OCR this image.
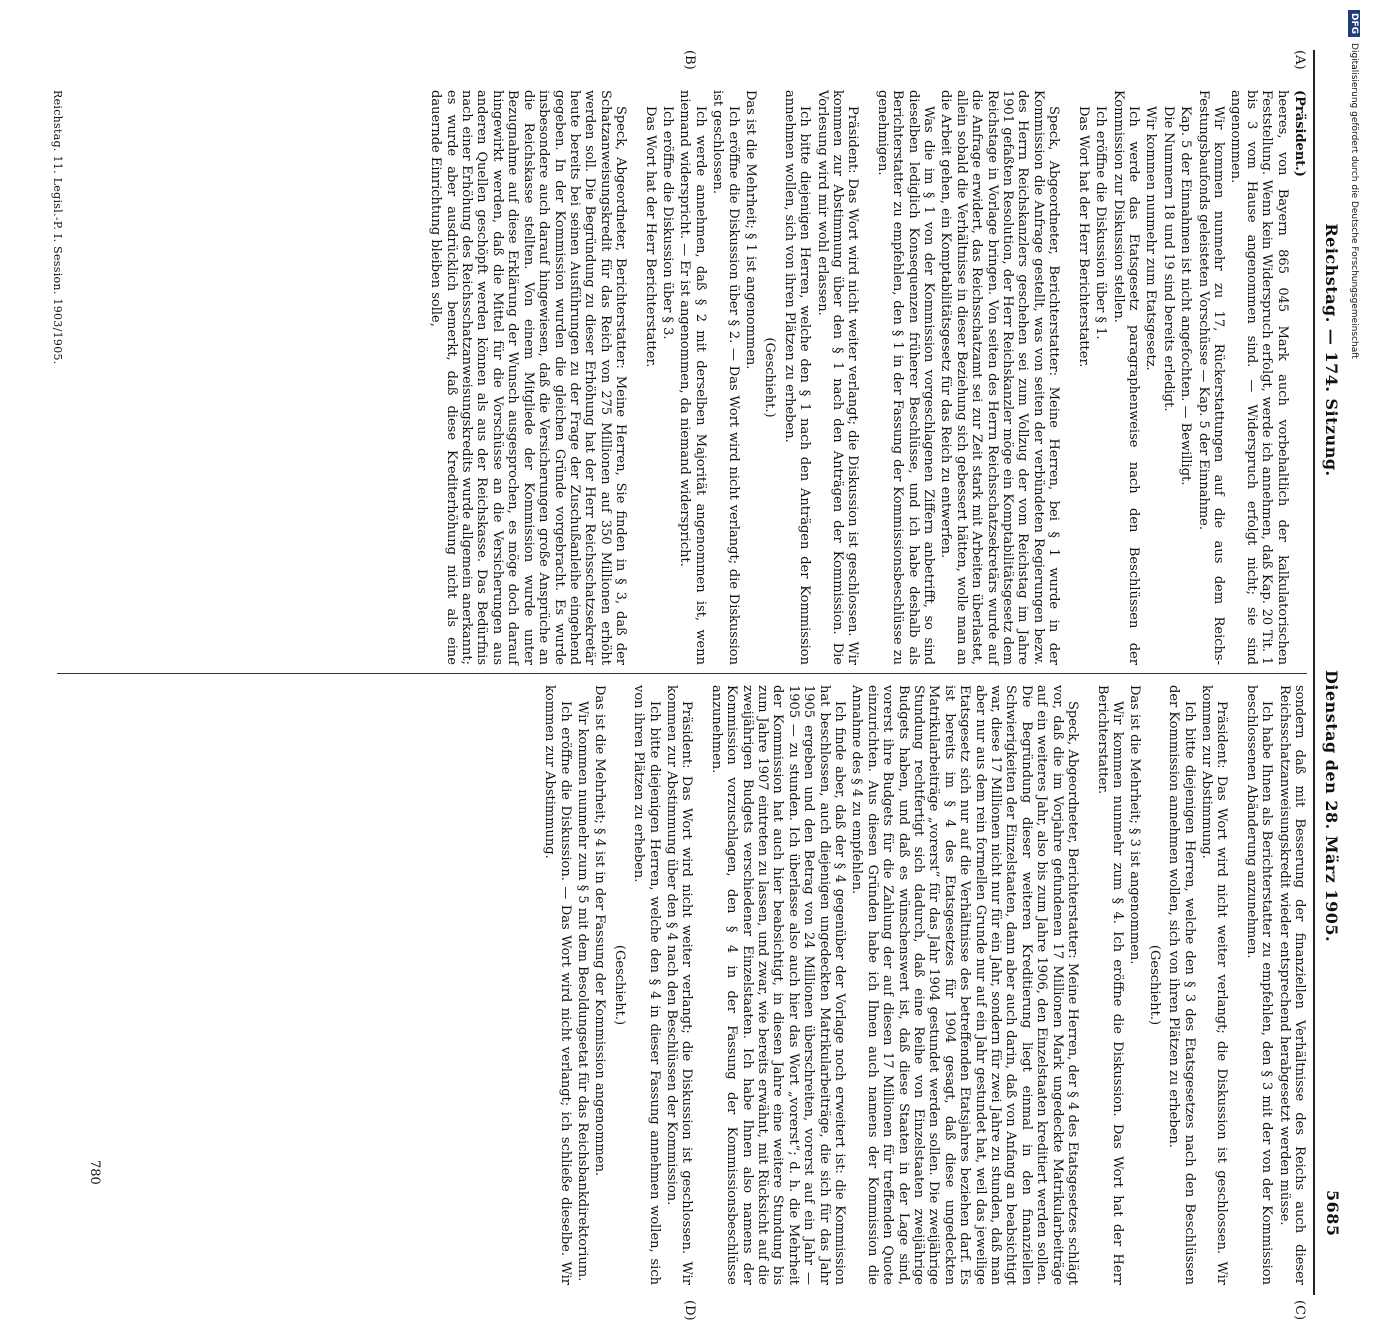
Reichstag. — 174. Sitzung.
Dienstag den 28. März 1905.
5685
(A)
(B)
(C)
(D)

(Präsident.)

heeres, von Bayern 865 045 Mark auch vorbehaltlich der kalkulatorischen Feststellung. Wenn kein Widerspruch erfolgt, werde ich annehmen, daß Kap. 20 Tit. 1 bis 3 vom Hause angenommen sind. — Widerspruch erfolgt nicht; sie sind angenommen.

Wir kommen nunmehr zu 17, Rückerstattungen auf die aus dem Reichs-Festungsbaufonds geleisteten Vorschüsse — Kap. 5 der Einnahme.

Kap. 5 der Einnahmen ist nicht angefochten. — Bewilligt.

Die Nummern 18 und 19 sind bereits erledigt.

Wir kommen nunmehr zum Etatsgesetz.

Ich werde das Etatsgesetz paragraphenweise nach den Beschlüssen der Kommission zur Diskussion stellen.

Ich eröffne die Diskussion über § 1.

Das Wort hat der Herr Berichterstatter.

Speck, Abgeordneter, Berichterstatter: Meine Herren, bei § 1 wurde in der Kommission die Anfrage gestellt, was von seiten der verbündeten Regierungen bezw. des Herrn Reichskanzlers geschehen sei zum Vollzug der vom Reichstag im Jahre 1901 gefaßten Resolution, der Herr Reichskanzler möge ein Komptabilitätsgesetz dem Reichstage in Vorlage bringen. Von seiten des Herrn Reichsschatzsekretärs wurde auf die Anfrage erwidert, das Reichsschatzamt sei zur Zeit stark mit Arbeiten überlastet, allein sobald die Verhältnisse in dieser Beziehung sich gebessert hätten, wolle man an die Arbeit gehen, ein Komptabilitätsgesetz für das Reich zu entwerfen.

Was die im § 1 von der Kommission vorgeschlagenen Ziffern anbetrifft, so sind dieselben lediglich Konsequenzen früherer Beschlüsse, und ich habe deshalb als Berichterstatter zu empfehlen, den § 1 in der Fassung der Kommissionsbeschlüsse zu genehmigen.

Präsident: Das Wort wird nicht weiter verlangt; die Diskussion ist geschlossen. Wir kommen zur Abstimmung über den § 1 nach den Anträgen der Kommission. Die Vorlesung wird mir wohl erlassen.

Ich bitte diejenigen Herren, welche den § 1 nach den Anträgen der Kommission annehmen wollen, sich von ihren Plätzen zu erheben.

(Geschieht.)

Das ist die Mehrheit; § 1 ist angenommen.

Ich eröffne die Diskussion über § 2. — Das Wort wird nicht verlangt; die Diskussion ist geschlossen.

Ich werde annehmen, daß § 2 mit derselben Majorität angenommen ist, wenn niemand widerspricht. — Er ist angenommen, da niemand widerspricht.

Ich eröffne die Diskussion über § 3.

Das Wort hat der Herr Berichterstatter.

Speck, Abgeordneter, Berichterstatter: Meine Herren, Sie finden in § 3, daß der Schatzanweisungskredit für das Reich von 275 Millionen auf 350 Millionen erhöht werden soll. Die Begründung zu dieser Erhöhung hat der Herr Reichsschatzsekretär heute bereits bei seinen Ausführungen zu der Frage der Zuschußanleihe eingehend gegeben. In der Kommission wurden die gleichen Gründe vorgebracht. Es wurde insbesondere auch darauf hingewiesen, daß die Versicherungen große Ansprüche an die Reichskasse stellten. Von einem Mitgliede der Kommission wurde unter Bezugnahme auf diese Erklärung der Wunsch ausgesprochen, es möge doch darauf hingewirkt werden, daß die Mittel für die Vorschüsse an die Versicherungen aus anderen Quellen geschöpft werden können als aus der Reichskasse. Das Bedürfnis nach einer Erhöhung des Reichsschatzanweisungskredits wurde allgemein anerkannt; es wurde aber ausdrücklich bemerkt, daß diese Krediterhöhung nicht als eine dauernde Einrichtung bleiben solle,

Reichstag. 11. Legisl.-P. I. Session. 1903/1905.

sondern daß mit Besserung der finanziellen Verhältnisse des Reichs auch dieser Reichsschatzanweisungskredit wieder entsprechend herabgesetzt werden müsse.

Ich habe Ihnen als Berichterstatter zu empfehlen, den § 3 mit der von der Kommission beschlossenen Abänderung anzunehmen.

Präsident: Das Wort wird nicht weiter verlangt; die Diskussion ist geschlossen. Wir kommen zur Abstimmung.

Ich bitte diejenigen Herren, welche den § 3 des Etatsgesetzes nach den Beschlüssen der Kommission annehmen wollen, sich von ihren Plätzen zu erheben.

(Geschieht.)

Das ist die Mehrheit; § 3 ist angenommen.

Wir kommen nunmehr zum § 4. Ich eröffne die Diskussion. Das Wort hat der Herr Berichterstatter.

Speck, Abgeordneter, Berichterstatter: Meine Herren, der § 4 des Etatsgesetzes schlägt vor, daß die im Vorjahre gefundenen 17 Millionen Mark ungedeckte Matrikularbeiträge auf ein weiteres Jahr, also bis zum Jahre 1906, den Einzelstaaten kreditiert werden sollen. Die Begründung dieser weiteren Kreditierung liegt einmal in den finanziellen Schwierigkeiten der Einzelstaaten, dann aber auch darin, daß von Anfang an beabsichtigt war, diese 17 Millionen nicht nur für ein Jahr, sondern für zwei Jahre zu stunden, daß man aber nur aus dem rein formellen Grunde nur auf ein Jahr gestundet hat, weil das jeweilige Etatsgesetz sich nur auf die Verhältnisse des betreffenden Etatsjahres beziehen darf. Es ist bereits im § 4 des Etatsgesetzes für 1904 gesagt, daß diese ungedeckten Matrikularbeiträge „vorerst“ für das Jahr 1904 gestundet werden sollen. Die zweijährige Stundung rechtfertigt sich dadurch, daß eine Reihe von Einzelstaaten zweijährige Budgets haben, und daß es wünschenswert ist, daß diese Staaten in der Lage sind, vorerst ihre Budgets für die Zahlung der auf diesen 17 Millionen für treffenden Quote einzurichten. Aus diesen Gründen habe ich Ihnen auch namens der Kommission die Annahme des § 4 zu empfehlen.

Ich finde aber, daß der § 4 gegenüber der Vorlage noch erweitert ist: die Kommission hat beschlossen, auch diejenigen ungedeckten Matrikularbeiträge, die sich für das Jahr 1905 ergeben und den Betrag von 24 Millionen überschreiten, vorerst auf ein Jahr — 1905 — zu stunden. Ich überlasse also auch hier das Wort „vorerst“; d. h. die Mehrheit der Kommission hat auch hier beabsichtigt, in diesen Jahre eine weitere Stundung bis zum Jahre 1907 eintreten zu lassen, und zwar, wie bereits erwähnt, mit Rücksicht auf die zweijährigen Budgets verschiedener Einzelstaaten. Ich habe Ihnen also namens der Kommission vorzuschlagen, den § 4 in der Fassung der Kommissionsbeschlüsse anzunehmen.

Präsident: Das Wort wird nicht weiter verlangt; die Diskussion ist geschlossen. Wir kommen zur Abstimmung über den § 4 nach den Beschlüssen der Kommission.

Ich bitte diejenigen Herren, welche den § 4 in dieser Fassung annehmen wollen, sich von ihren Plätzen zu erheben.

(Geschieht.)

Das ist die Mehrheit; § 4 ist in der Fassung der Kommission angenommen.

Wir kommen nunmehr zum § 5 mit dem Besoldungsetat für das Reichsbankdirektorium.

Ich eröffne die Diskussion. — Das Wort wird nicht verlangt; ich schließe dieselbe. Wir kommen zur Abstimmung.

780
DFG
Digitalisierung gefördert durch die Deutsche Forschungsgemeinschaft
